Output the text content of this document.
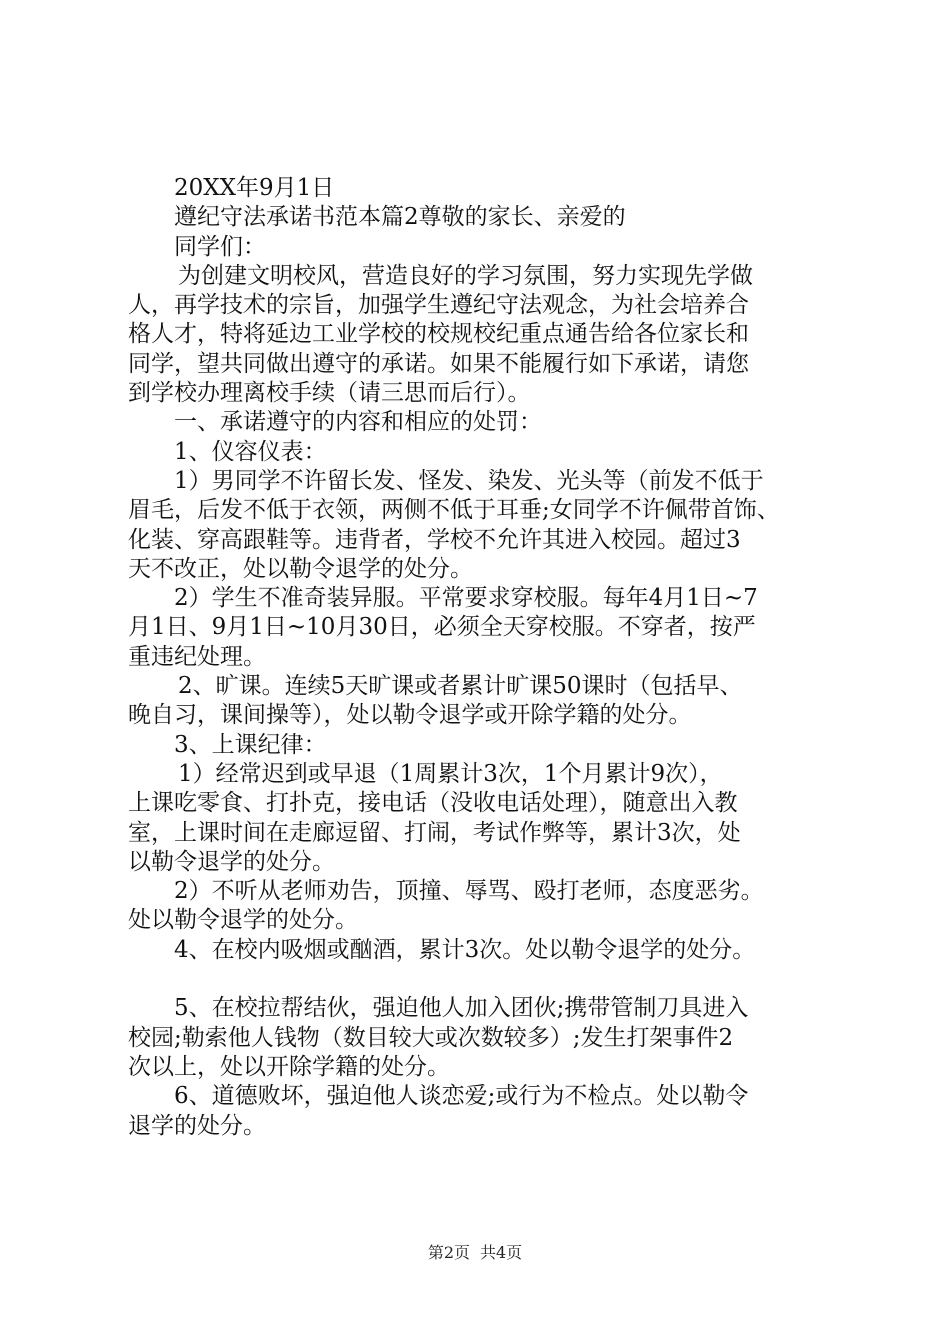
20XX年9月1日
遵纪守法承诺书范本篇2尊敬的家长、亲爱的
同学们：
为创建文明校风，营造良好的学习氛围，努力实现先学做
人，再学技术的宗旨，加强学生遵纪守法观念，为社会培养合
格人才，特将延边工业学校的校规校纪重点通告给各位家长和
同学，望共同做出遵守的承诺。如果不能履行如下承诺，请您
到学校办理离校手续（请三思而后行）。
一、承诺遵守的内容和相应的处罚：
1、仪容仪表：
1）男同学不许留长发、怪发、染发、光头等（前发不低于
眉毛，后发不低于衣领，两侧不低于耳垂;女同学不许佩带首饰、
化装、穿高跟鞋等。违背者，学校不允许其进入校园。超过3
天不改正，处以勒令退学的处分。
2）学生不准奇装异服。平常要求穿校服。每年4月1日~7
月1日、9月1日~10月30日，必须全天穿校服。不穿者，按严
重违纪处理。
2、旷课。连续5天旷课或者累计旷课50课时（包括早、
晚自习，课间操等），处以勒令退学或开除学籍的处分。
3、上课纪律：
1）经常迟到或早退（1周累计3次，1个月累计9次），
上课吃零食、打扑克，接电话（没收电话处理），随意出入教
室，上课时间在走廊逗留、打闹，考试作弊等，累计3次，处
以勒令退学的处分。
2）不听从老师劝告，顶撞、辱骂、殴打老师，态度恶劣。
处以勒令退学的处分。
4、在校内吸烟或酗酒，累计3次。处以勒令退学的处分。
5、在校拉帮结伙，强迫他人加入团伙;携带管制刀具进入
校园;勒索他人钱物（数目较大或次数较多）;发生打架事件2
次以上，处以开除学籍的处分。
6、道德败坏，强迫他人谈恋爱;或行为不检点。处以勒令
退学的处分。
第2页 共4页
